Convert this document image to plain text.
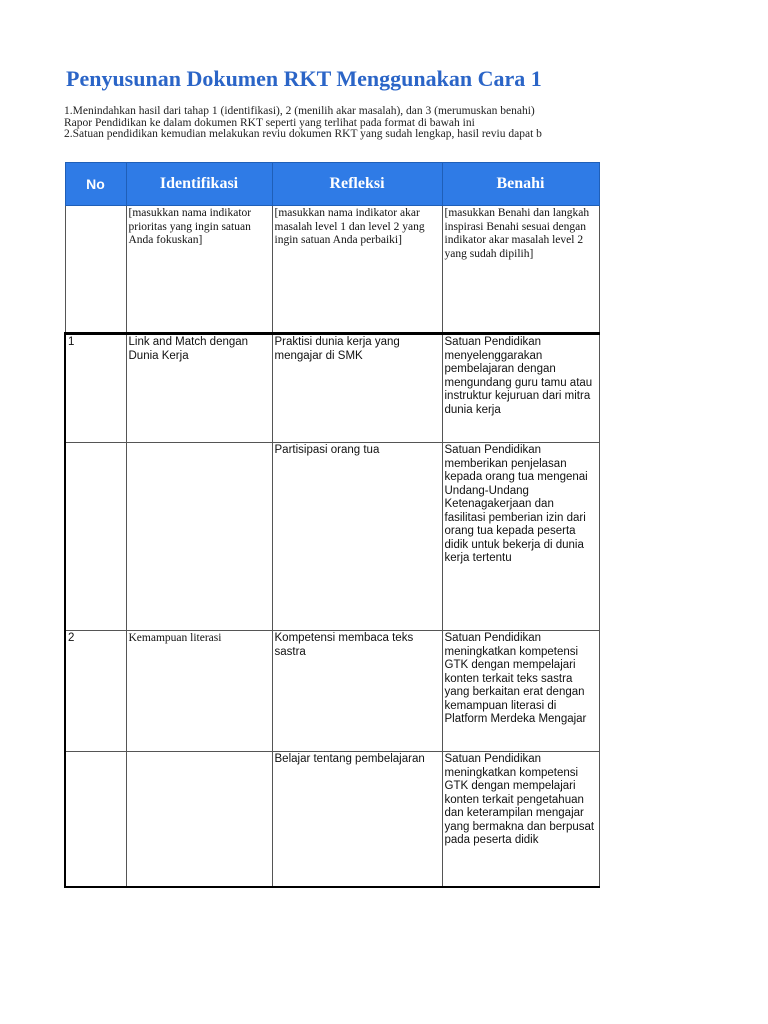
Penyusunan Dokumen RKT Menggunakan Cara 1
1.Menindahkan hasil dari tahap 1 (identifikasi), 2 (menilih akar masalah), dan 3 (merumuskan benahi)
Rapor Pendidikan ke dalam dokumen RKT seperti yang terlihat pada format di bawah ini
2.Satuan pendidikan kemudian melakukan reviu dokumen RKT yang sudah lengkap, hasil reviu dapat b
No	Identifikasi	Refleksi	Benahi
	[masukkan nama indikator prioritas yang ingin satuan Anda fokuskan]	[masukkan nama indikator akar masalah level 1 dan level 2 yang ingin satuan Anda perbaiki]	[masukkan Benahi dan langkah inspirasi Benahi sesuai dengan indikator akar masalah level 2 yang sudah dipilih]
1	Link and Match dengan Dunia Kerja	Praktisi dunia kerja yang mengajar di SMK	Satuan Pendidikan menyelenggarakan pembelajaran dengan mengundang guru tamu atau instruktur kejuruan dari mitra dunia kerja
		Partisipasi orang tua	Satuan Pendidikan memberikan penjelasan kepada orang tua mengenai Undang-Undang Ketenagakerjaan dan fasilitasi pemberian izin dari orang tua kepada peserta didik untuk bekerja di dunia kerja tertentu
2	Kemampuan literasi	Kompetensi membaca teks sastra	Satuan Pendidikan meningkatkan kompetensi GTK dengan mempelajari konten terkait teks sastra yang berkaitan erat dengan kemampuan literasi di Platform Merdeka Mengajar
		Belajar tentang pembelajaran	Satuan Pendidikan meningkatkan kompetensi GTK dengan mempelajari konten terkait pengetahuan dan keterampilan mengajar yang bermakna dan berpusat pada peserta didik
